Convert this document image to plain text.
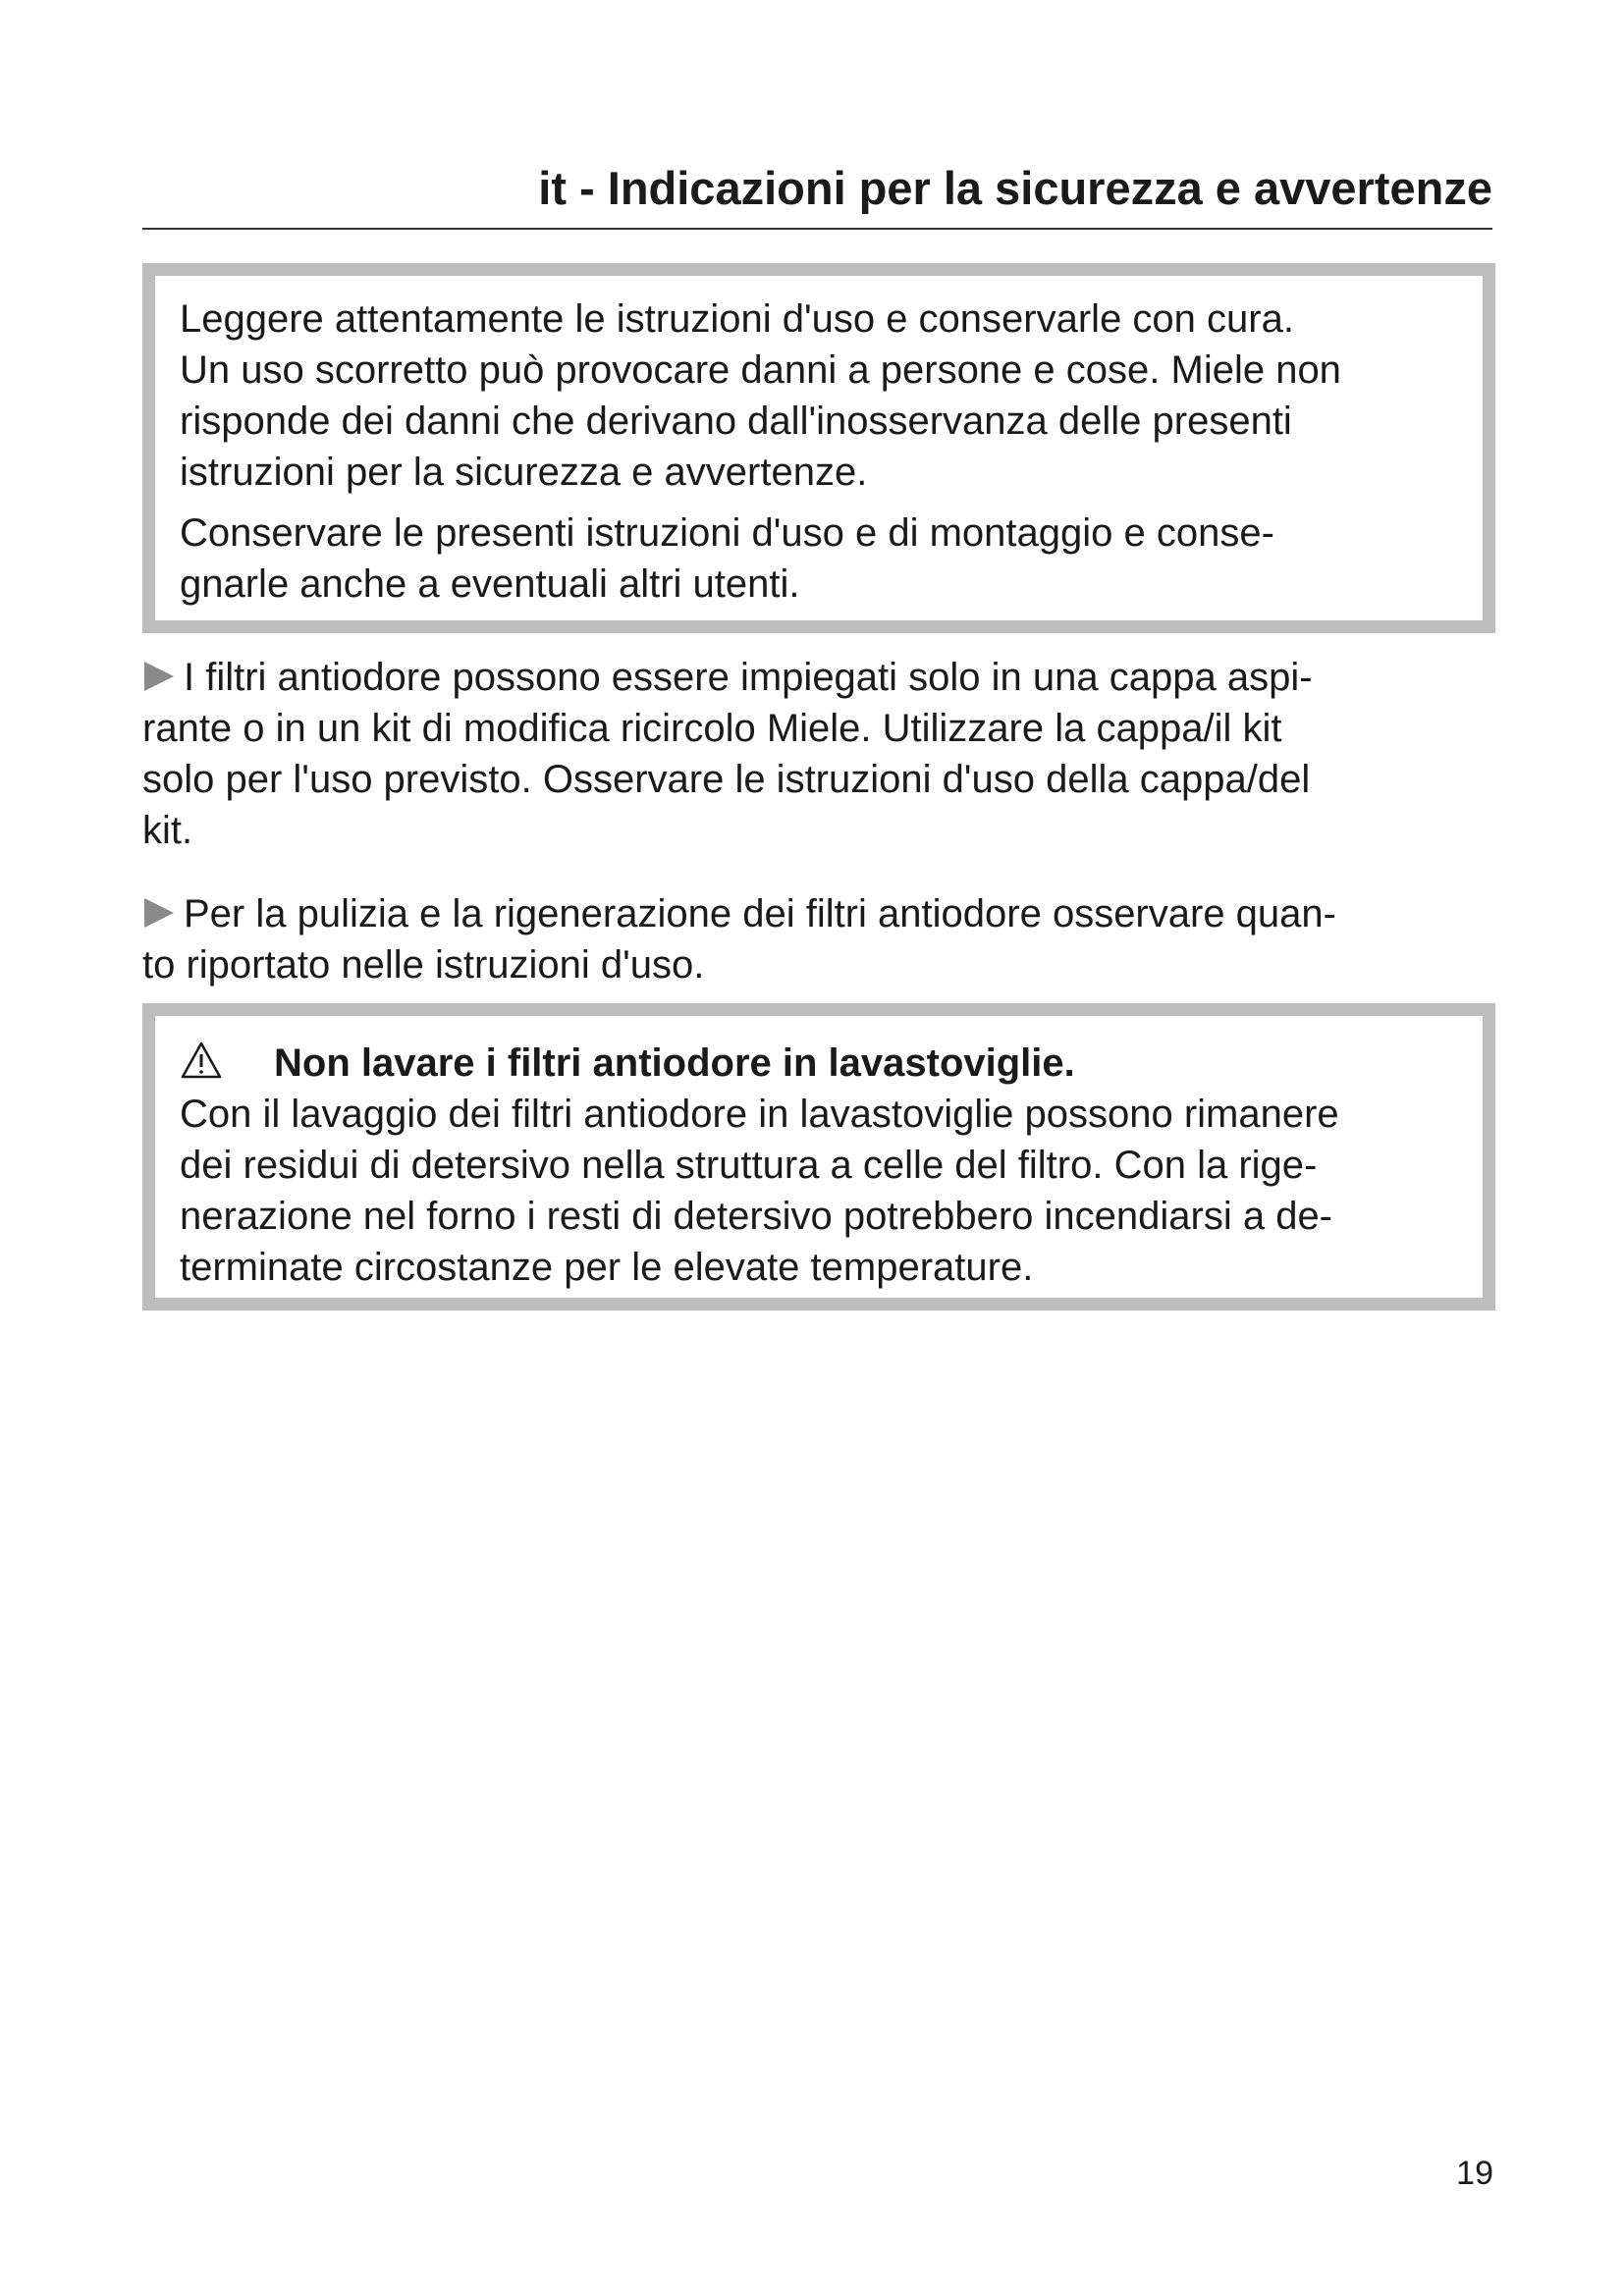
it - Indicazioni per la sicurezza e avvertenze

Leggere attentamente le istruzioni d'uso e conservarle con cura.

Un uso scorretto può provocare danni a persone e cose. Miele non

risponde dei danni che derivano dall'inosservanza delle presenti

istruzioni per la sicurezza e avvertenze.

Conservare le presenti istruzioni d'uso e di montaggio e conse-

gnarle anche a eventuali altri utenti.

I filtri antiodore possono essere impiegati solo in una cappa aspi-
rante o in un kit di modifica ricircolo Miele. Utilizzare la cappa/il kit
solo per l'uso previsto. Osservare le istruzioni d'uso della cappa/del
kit.
Per la pulizia e la rigenerazione dei filtri antiodore osservare quan-
to riportato nelle istruzioni d'uso.

Non lavare i filtri antiodore in lavastoviglie.

Con il lavaggio dei filtri antiodore in lavastoviglie possono rimanere

dei residui di detersivo nella struttura a celle del filtro. Con la rige-

nerazione nel forno i resti di detersivo potrebbero incendiarsi a de-

terminate circostanze per le elevate temperature.

19
